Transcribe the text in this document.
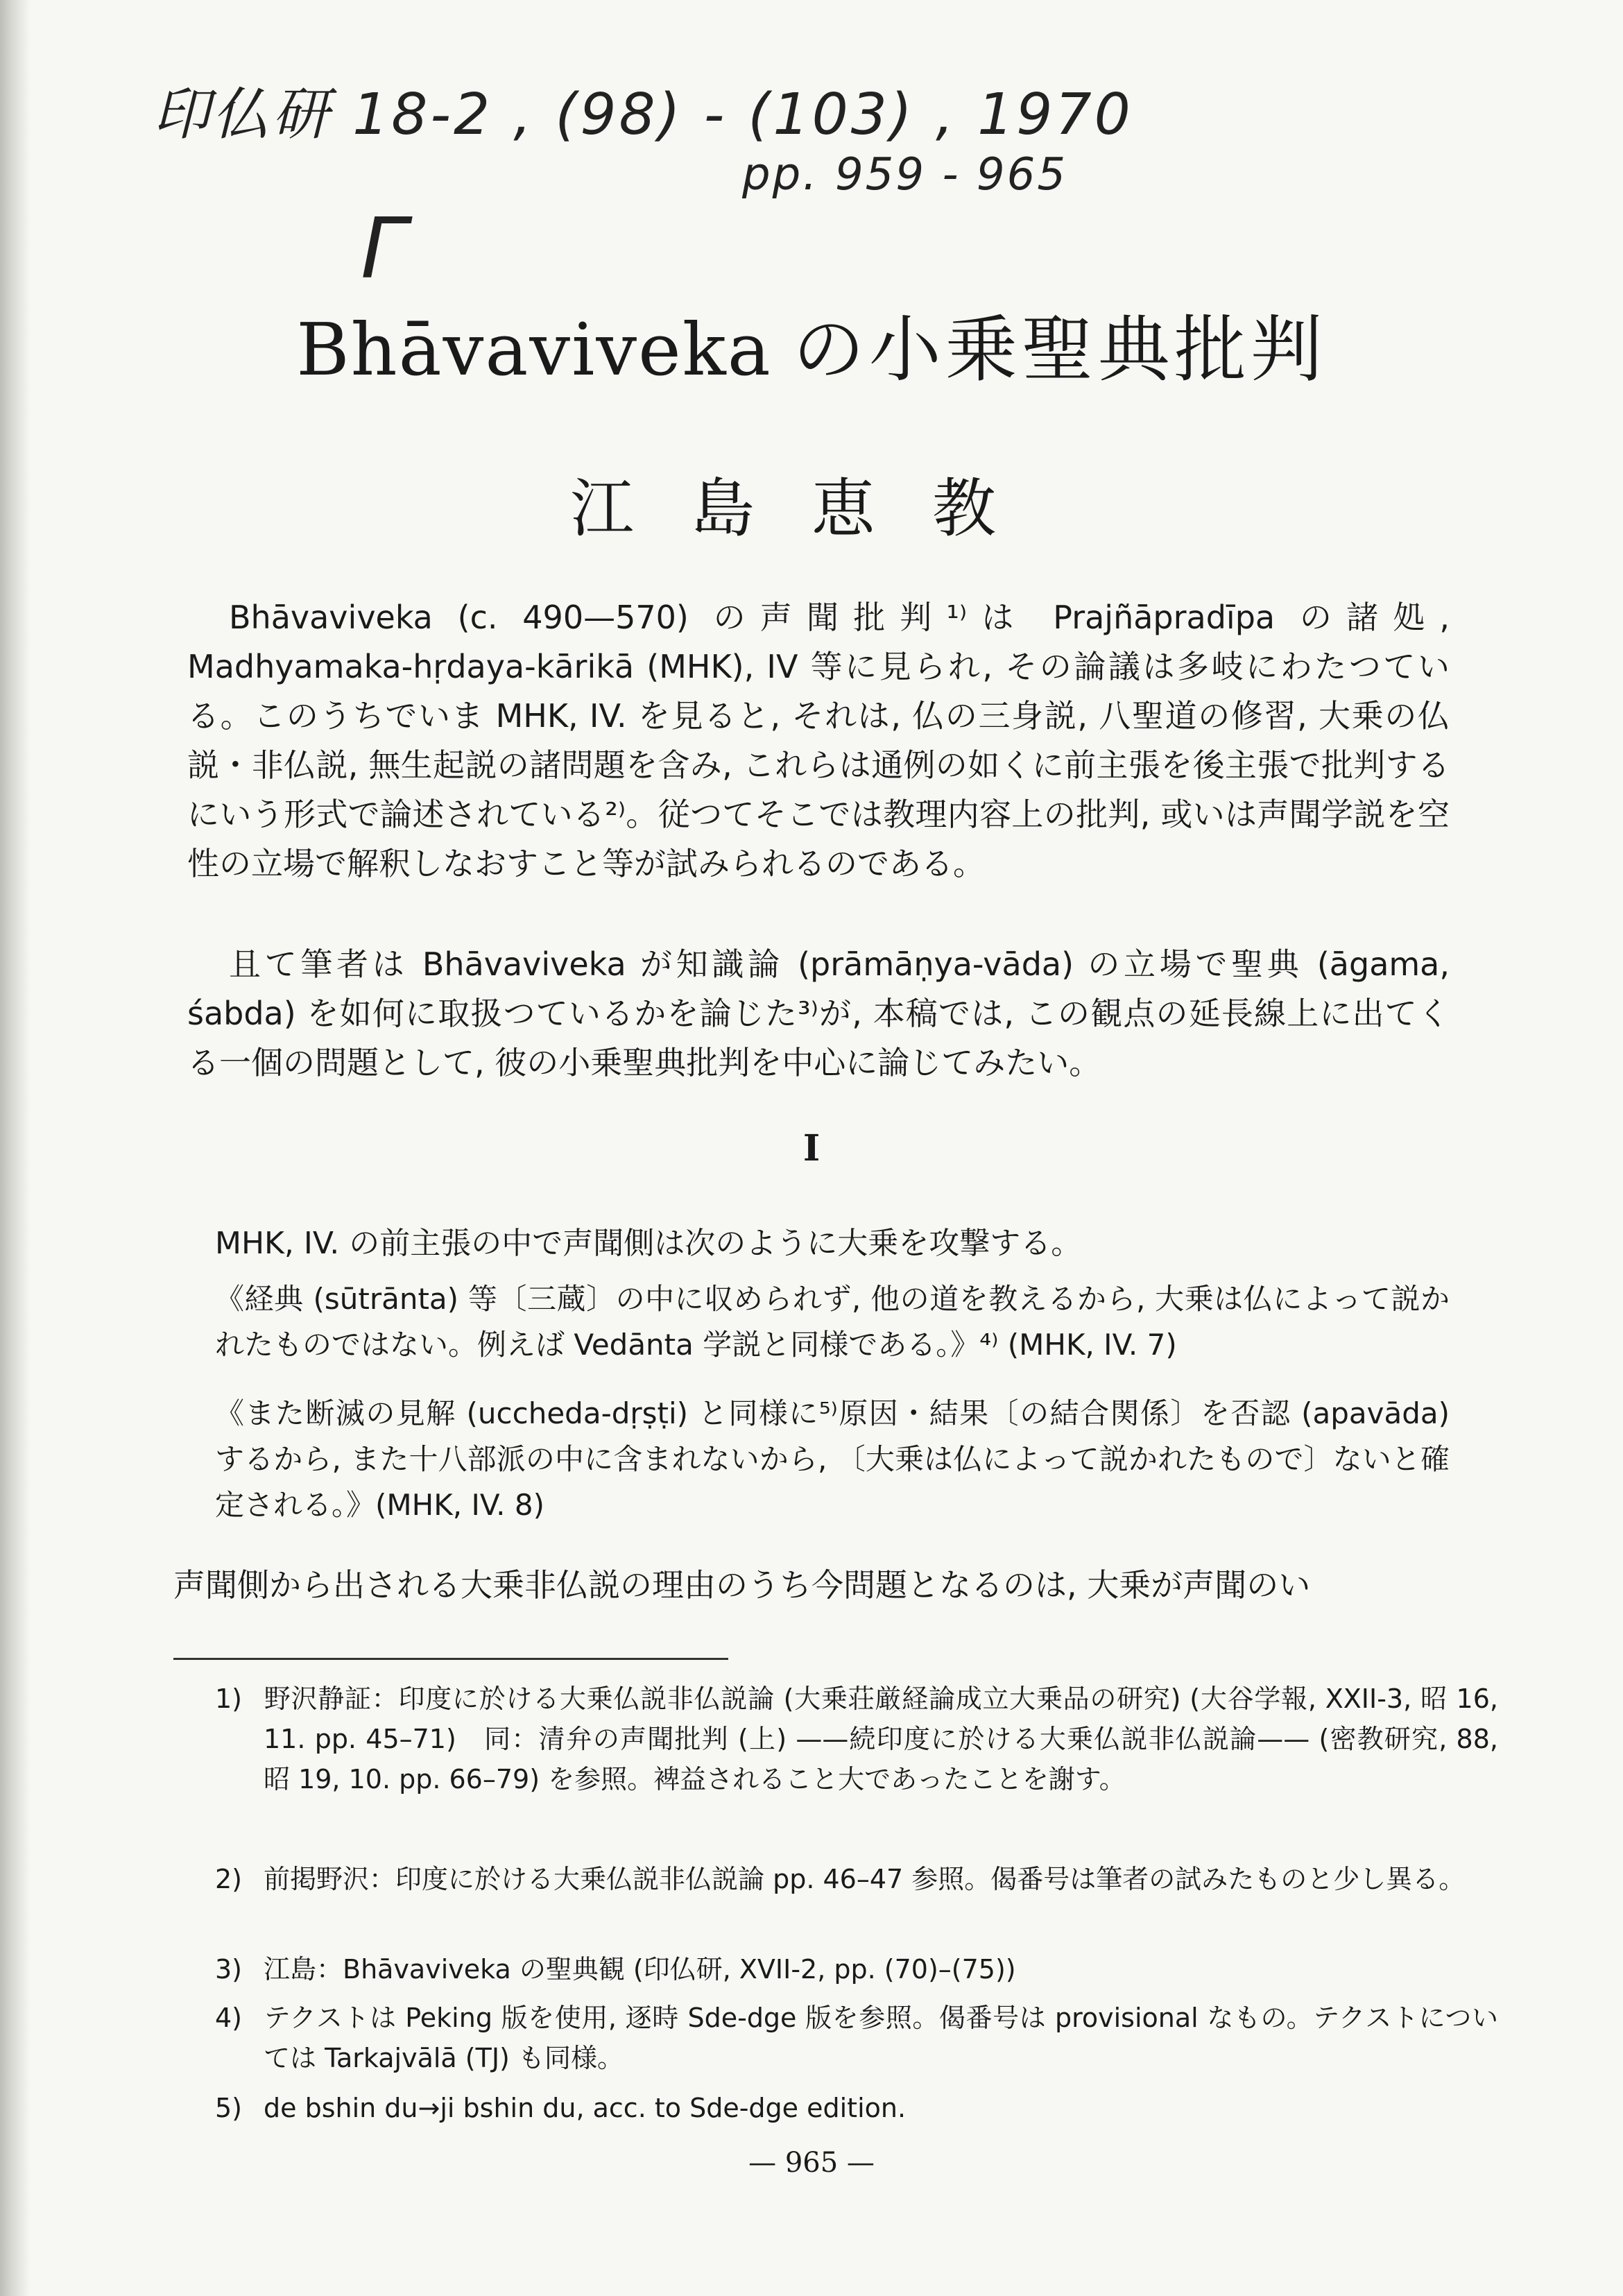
印仏研 18-2 , (98) - (103) , 1970
pp. 959 - 965
Γ
Bhāvaviveka の小乗聖典批判
江島恵教

Bhāvaviveka (c. 490—570) の声聞批判¹⁾は Prajñāpradīpa の諸処, Madhyamaka-hṛdaya-kārikā (MHK), IV 等に見られ, その論議は多岐にわたつている。このうちでいま MHK, IV. を見ると, それは, 仏の三身説, 八聖道の修習, 大乗の仏説・非仏説, 無生起説の諸問題を含み, これらは通例の如くに前主張を後主張で批判するにいう形式で論述されている²⁾。従つてそこでは教理内容上の批判, 或いは声聞学説を空性の立場で解釈しなおすこと等が試みられるのである。

且て筆者は Bhāvaviveka が知識論 (prāmāṇya-vāda) の立場で聖典 (āgama, śabda) を如何に取扱つているかを論じた³⁾が, 本稿では, この観点の延長線上に出てくる一個の問題として, 彼の小乗聖典批判を中心に論じてみたい。

I

MHK, IV. の前主張の中で声聞側は次のように大乗を攻撃する。

《経典 (sūtrānta) 等〔三蔵〕の中に収められず, 他の道を教えるから, 大乗は仏によって説かれたものではない。例えば Vedānta 学説と同様である。》⁴⁾ (MHK, IV. 7)

《また断滅の見解 (uccheda-dṛṣṭi) と同様に⁵⁾原因・結果〔の結合関係〕を否認 (apavāda) するから, また十八部派の中に含まれないから, 〔大乗は仏によって説かれたもので〕ないと確定される。》(MHK, IV. 8)

声聞側から出される大乗非仏説の理由のうち今問題となるのは, 大乗が声聞のい

1) 野沢静証：印度に於ける大乗仏説非仏説論 (大乗荘厳経論成立大乗品の研究) (大谷学報, XXII-3, 昭 16, 11. pp. 45–71)　同：清弁の声聞批判 (上) ——続印度に於ける大乗仏説非仏説論—— (密教研究, 88, 昭 19, 10. pp. 66–79) を参照。裨益されること大であったことを謝す。

2) 前掲野沢：印度に於ける大乗仏説非仏説論 pp. 46–47 参照。偈番号は筆者の試みたものと少し異る。

3) 江島：Bhāvaviveka の聖典観 (印仏研, XVII-2, pp. (70)–(75))

4) テクストは Peking 版を使用, 逐時 Sde-dge 版を参照。偈番号は provisional なもの。テクストについては Tarkajvālā (TJ) も同様。

5) de bshin du→ji bshin du, acc. to Sde-dge edition.

— 965 —
